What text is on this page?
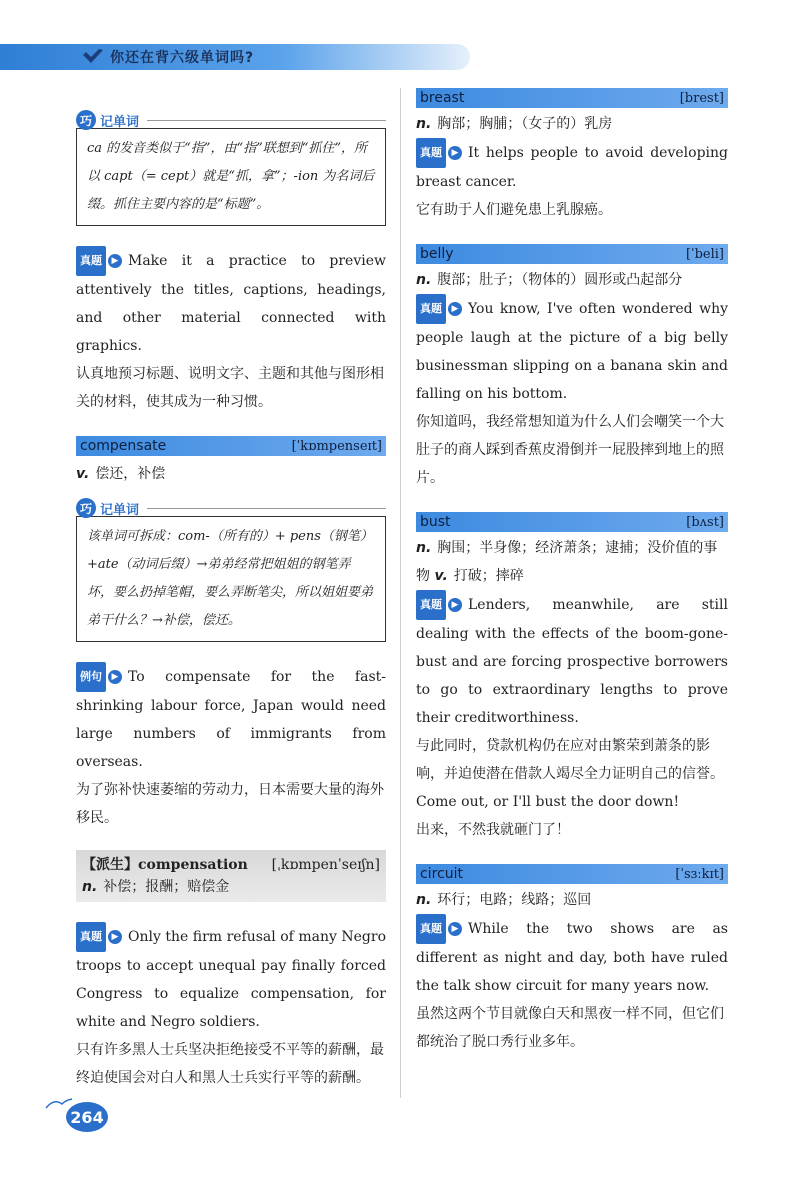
你还在背六级单词吗?
巧 记单词
ca 的发音类似于“指”，由“指”联想到“抓住”，所以 capt（= cept）就是“抓，拿”；-ion 为名词后缀。抓住主要内容的是“标题”。

真题	▶ Make it a practice to preview attentively the titles, captions, headings, and other material connected with graphics.

认真地预习标题、说明文字、主题和其他与图形相关的材料，使其成为一种习惯。

compensate	[ˈkɒmpenseɪt]

v. 偿还，补偿

巧 记单词
该单词可拆成：com-（所有的）+ pens（钢笔）+ate（动词后缀）→弟弟经常把姐姐的钢笔弄坏，要么扔掉笔帽，要么弄断笔尖，所以姐姐要弟弟干什么？→补偿，偿还。

例句	▶ To compensate for the fast-shrinking labour force, Japan would need large numbers of immigrants from overseas.

为了弥补快速萎缩的劳动力，日本需要大量的海外移民。

【派生】compensation [ˌkɒmpenˈseɪʃn]

n. 补偿；报酬；赔偿金

真题	▶ Only the firm refusal of many Negro troops to accept unequal pay finally forced Congress to equalize compensation, for white and Negro soldiers.

只有许多黑人士兵坚决拒绝接受不平等的薪酬，最终迫使国会对白人和黑人士兵实行平等的薪酬。

breast	[brest]

n. 胸部；胸脯；（女子的）乳房

真题	▶ It helps people to avoid developing breast cancer.

它有助于人们避免患上乳腺癌。

belly	[ˈbeli]

n. 腹部；肚子；（物体的）圆形或凸起部分

真题	▶ You know, I've often wondered why people laugh at the picture of a big belly businessman slipping on a banana skin and falling on his bottom.

你知道吗，我经常想知道为什么人们会嘲笑一个大肚子的商人踩到香蕉皮滑倒并一屁股摔到地上的照片。

bust	[bʌst]

n. 胸围；半身像；经济萧条；逮捕；没价值的事物 v. 打破；摔碎

真题	▶ Lenders, meanwhile, are still dealing with the effects of the boom-gone-bust and are forcing prospective borrowers to go to extraordinary lengths to prove their creditworthiness.

与此同时，贷款机构仍在应对由繁荣到萧条的影响，并迫使潜在借款人竭尽全力证明自己的信誉。

Come out, or I'll bust the door down!

出来，不然我就砸门了！

circuit	[ˈsɜːkɪt]

n. 环行；电路；线路；巡回

真题	▶ While the two shows are as different as night and day, both have ruled the talk show circuit for many years now.

虽然这两个节目就像白天和黑夜一样不同，但它们都统治了脱口秀行业多年。

264
